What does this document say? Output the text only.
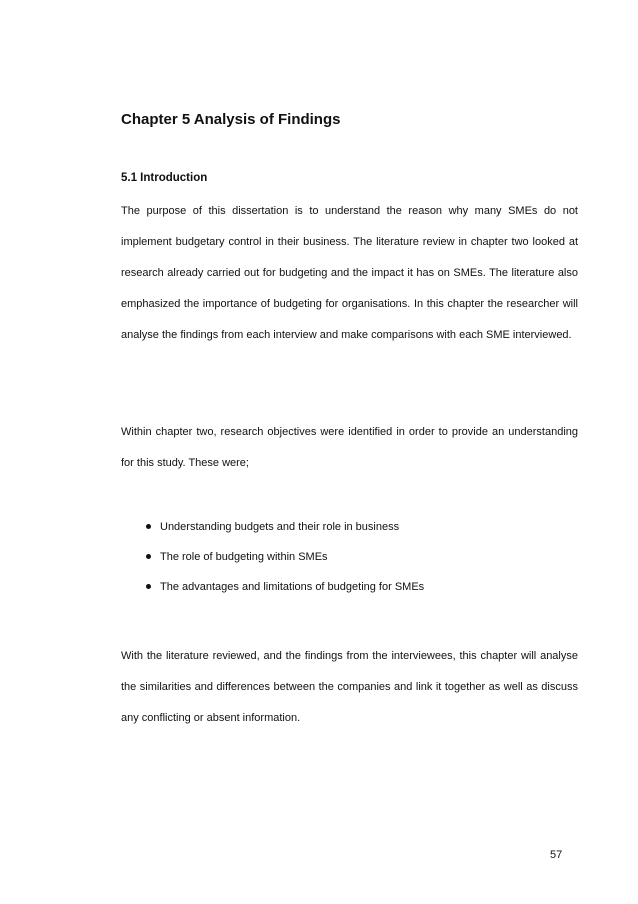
Chapter 5 Analysis of Findings
5.1 Introduction

The purpose of this dissertation is to understand the reason why many SMEs do not implement budgetary control in their business. The literature review in chapter two looked at research already carried out for budgeting and the impact it has on SMEs. The literature also emphasized the importance of budgeting for organisations. In this chapter the researcher will analyse the findings from each interview and make comparisons with each SME interviewed.

Within chapter two, research objectives were identified in order to provide an understanding for this study. These were;

Understanding budgets and their role in business
The role of budgeting within SMEs
The advantages and limitations of budgeting for SMEs

With the literature reviewed, and the findings from the interviewees, this chapter will analyse the similarities and differences between the companies and link it together as well as discuss any conflicting or absent information.

57
